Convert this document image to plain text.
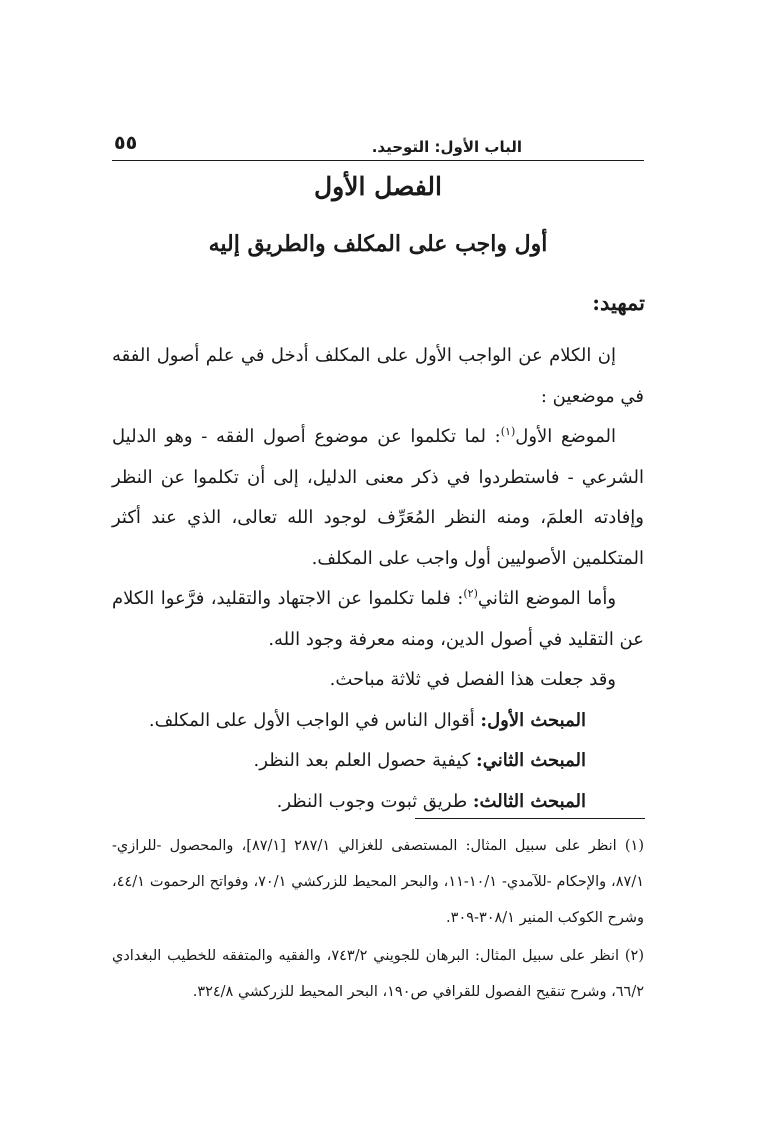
الباب الأول: التوحيد.
٥٥
الفصل الأول
أول واجب على المكلف والطريق إليه
تمهيد:

إن الكلام عن الواجب الأول على المكلف أدخل في علم أصول الفقه في موضعين :

الموضع الأول$^{(١)}$: لما تكلموا عن موضوع أصول الفقه - وهو الدليل الشرعي - فاستطردوا في ذكر معنى الدليل، إلى أن تكلموا عن النظر وإفادته العلمَ، ومنه النظر المُعَرِّف لوجود الله تعالى، الذي عند أكثر المتكلمين الأصوليين أول واجب على المكلف.

وأما الموضع الثاني$^{(٢)}$: فلما تكلموا عن الاجتهاد والتقليد، فرَّعوا الكلام عن التقليد في أصول الدين، ومنه معرفة وجود الله.

وقد جعلت هذا الفصل في ثلاثة مباحث.

المبحث الأول: أقوال الناس في الواجب الأول على المكلف.
المبحث الثاني: كيفية حصول العلم بعد النظر.
المبحث الثالث: طريق ثبوت وجوب النظر.

(١) انظر على سبيل المثال: المستصفى للغزالي ٢٨٧/١ [٨٧/١]، والمحصول -للرازي- ٨٧/١، والإحكام -للآمدي- ١٠/١-١١، والبحر المحيط للزركشي ٧٠/١، وفواتح الرحموت ٤٤/١، وشرح الكوكب المنير ٣٠٨/١-٣٠٩.

(٢) انظر على سبيل المثال: البرهان للجويني ٧٤٣/٢، والفقيه والمتفقه للخطيب البغدادي ٦٦/٢، وشرح تنقيح الفصول للقرافي ص١٩٠، البحر المحيط للزركشي ٣٢٤/٨.
